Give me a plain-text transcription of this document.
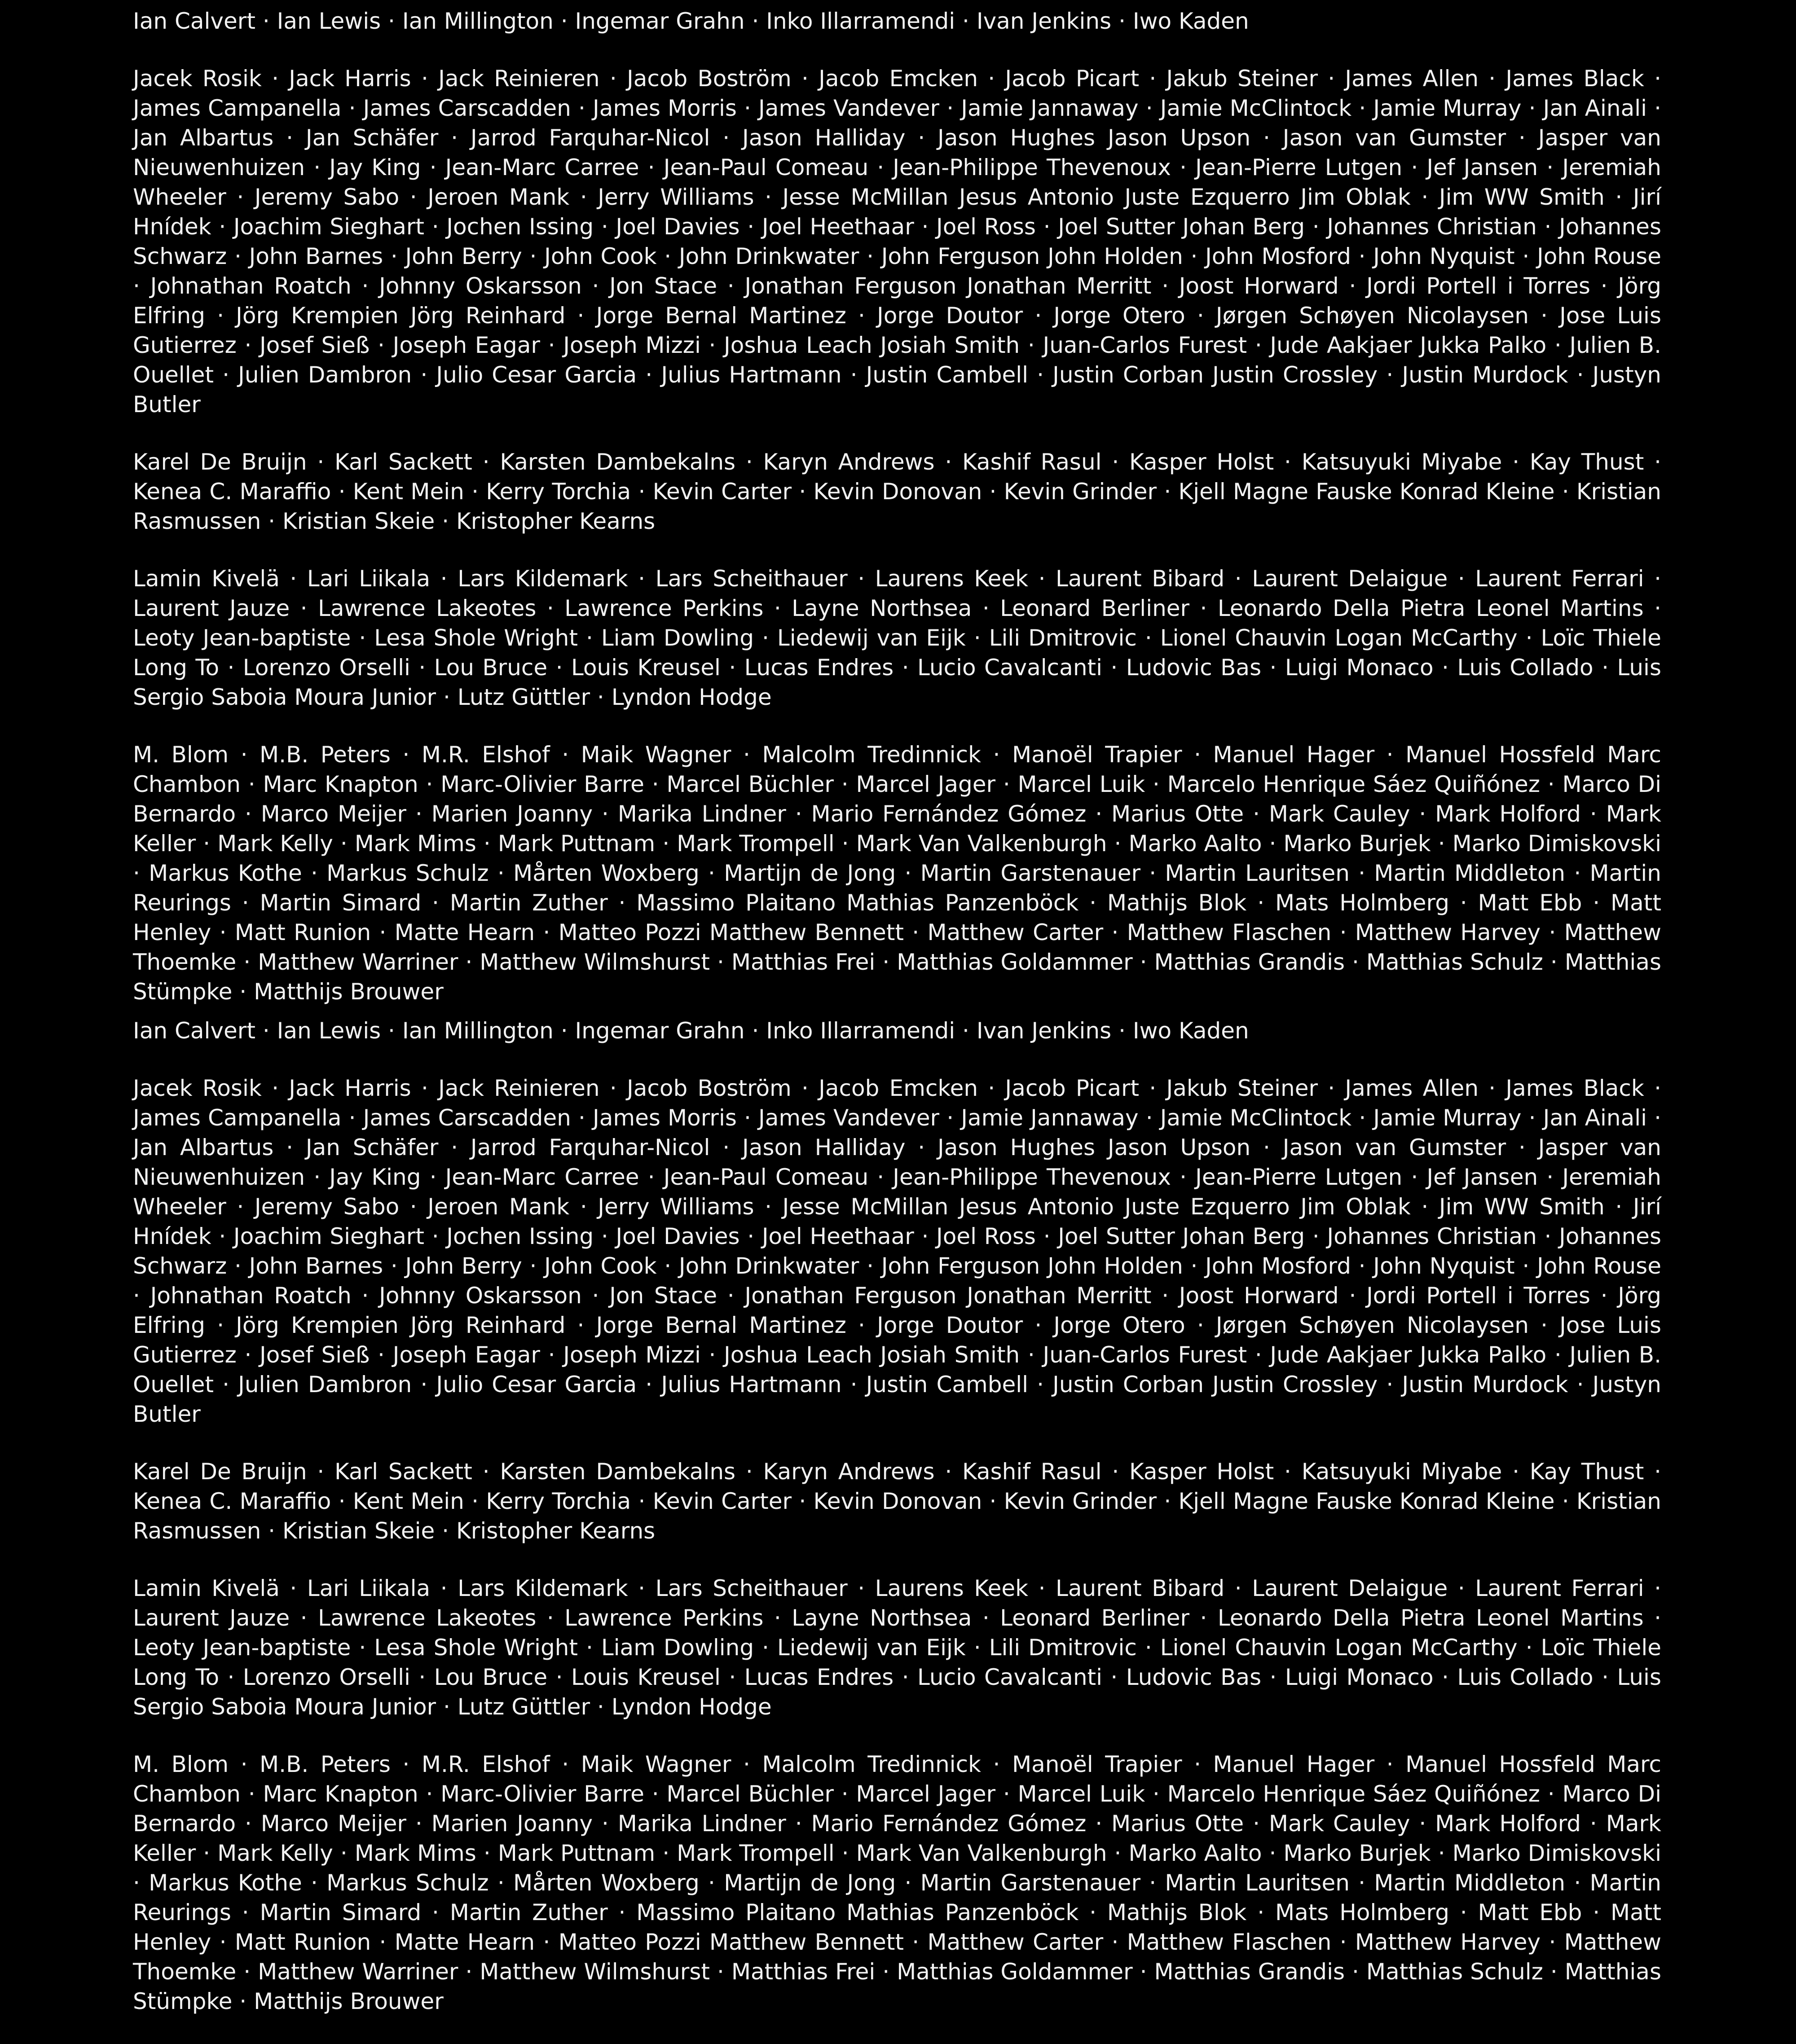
Ian Calvert · Ian Lewis · Ian Millington · Ingemar Grahn · Inko Illarramendi · Ivan Jenkins · Iwo Kaden

Jacek Rosik · Jack Harris · Jack Reinieren · Jacob Boström · Jacob Emcken · Jacob Picart · Jakub Steiner · James Allen · James Black · James Campanella · James Carscadden · James Morris · James Vandever · Jamie Jannaway · Jamie McClintock · Jamie Murray · Jan Ainali · Jan Albartus · Jan Schäfer · Jarrod Farquhar-Nicol · Jason Halliday · Jason Hughes Jason Upson · Jason van Gumster · Jasper van Nieuwenhuizen · Jay King · Jean-Marc Carree · Jean-Paul Comeau · Jean-Philippe Thevenoux · Jean-Pierre Lutgen · Jef Jansen · Jeremiah Wheeler · Jeremy Sabo · Jeroen Mank · Jerry Williams · Jesse McMillan Jesus Antonio Juste Ezquerro Jim Oblak · Jim WW Smith · Jirí Hnídek · Joachim Sieghart · Jochen Issing · Joel Davies · Joel Heethaar · Joel Ross · Joel Sutter Johan Berg · Johannes Christian · Johannes Schwarz · John Barnes · John Berry · John Cook · John Drinkwater · John Ferguson John Holden · John Mosford · John Nyquist · John Rouse · Johnathan Roatch · Johnny Oskarsson · Jon Stace · Jonathan Ferguson Jonathan Merritt · Joost Horward · Jordi Portell i Torres · Jörg Elfring · Jörg Krempien Jörg Reinhard · Jorge Bernal Martinez · Jorge Doutor · Jorge Otero · Jørgen Schøyen Nicolaysen · Jose Luis Gutierrez · Josef Sieß · Joseph Eagar · Joseph Mizzi · Joshua Leach Josiah Smith · Juan-Carlos Furest · Jude Aakjaer Jukka Palko · Julien B. Ouellet · Julien Dambron · Julio Cesar Garcia · Julius Hartmann · Justin Cambell · Justin Corban Justin Crossley · Justin Murdock · Justyn Butler

Karel De Bruijn · Karl Sackett · Karsten Dambekalns · Karyn Andrews · Kashif Rasul · Kasper Holst · Katsuyuki Miyabe · Kay Thust · Kenea C. Maraffio · Kent Mein · Kerry Torchia · Kevin Carter · Kevin Donovan · Kevin Grinder · Kjell Magne Fauske Konrad Kleine · Kristian Rasmussen · Kristian Skeie · Kristopher Kearns

Lamin Kivelä · Lari Liikala · Lars Kildemark · Lars Scheithauer · Laurens Keek · Laurent Bibard · Laurent Delaigue · Laurent Ferrari · Laurent Jauze · Lawrence Lakeotes · Lawrence Perkins · Layne Northsea · Leonard Berliner · Leonardo Della Pietra Leonel Martins · Leoty Jean-baptiste · Lesa Shole Wright · Liam Dowling · Liedewij van Eijk · Lili Dmitrovic · Lionel Chauvin Logan McCarthy · Loïc Thiele Long To · Lorenzo Orselli · Lou Bruce · Louis Kreusel · Lucas Endres · Lucio Cavalcanti · Ludovic Bas · Luigi Monaco · Luis Collado · Luis Sergio Saboia Moura Junior · Lutz Güttler · Lyndon Hodge

M. Blom · M.B. Peters · M.R. Elshof · Maik Wagner · Malcolm Tredinnick · Manoël Trapier · Manuel Hager · Manuel Hossfeld Marc Chambon · Marc Knapton · Marc-Olivier Barre · Marcel Büchler · Marcel Jager · Marcel Luik · Marcelo Henrique Sáez Quiñónez · Marco Di Bernardo · Marco Meijer · Marien Joanny · Marika Lindner · Mario Fernández Gómez · Marius Otte · Mark Cauley · Mark Holford · Mark Keller · Mark Kelly · Mark Mims · Mark Puttnam · Mark Trompell · Mark Van Valkenburgh · Marko Aalto · Marko Burjek · Marko Dimiskovski · Markus Kothe · Markus Schulz · Mårten Woxberg · Martijn de Jong · Martin Garstenauer · Martin Lauritsen · Martin Middleton · Martin Reurings · Martin Simard · Martin Zuther · Massimo Plaitano Mathias Panzenböck · Mathijs Blok · Mats Holmberg · Matt Ebb · Matt Henley · Matt Runion · Matte Hearn · Matteo Pozzi Matthew Bennett · Matthew Carter · Matthew Flaschen · Matthew Harvey · Matthew Thoemke · Matthew Warriner · Matthew Wilmshurst · Matthias Frei · Matthias Goldammer · Matthias Grandis · Matthias Schulz · Matthias Stümpke · Matthijs Brouwer

Ian Calvert · Ian Lewis · Ian Millington · Ingemar Grahn · Inko Illarramendi · Ivan Jenkins · Iwo Kaden

Jacek Rosik · Jack Harris · Jack Reinieren · Jacob Boström · Jacob Emcken · Jacob Picart · Jakub Steiner · James Allen · James Black · James Campanella · James Carscadden · James Morris · James Vandever · Jamie Jannaway · Jamie McClintock · Jamie Murray · Jan Ainali · Jan Albartus · Jan Schäfer · Jarrod Farquhar-Nicol · Jason Halliday · Jason Hughes Jason Upson · Jason van Gumster · Jasper van Nieuwenhuizen · Jay King · Jean-Marc Carree · Jean-Paul Comeau · Jean-Philippe Thevenoux · Jean-Pierre Lutgen · Jef Jansen · Jeremiah Wheeler · Jeremy Sabo · Jeroen Mank · Jerry Williams · Jesse McMillan Jesus Antonio Juste Ezquerro Jim Oblak · Jim WW Smith · Jirí Hnídek · Joachim Sieghart · Jochen Issing · Joel Davies · Joel Heethaar · Joel Ross · Joel Sutter Johan Berg · Johannes Christian · Johannes Schwarz · John Barnes · John Berry · John Cook · John Drinkwater · John Ferguson John Holden · John Mosford · John Nyquist · John Rouse · Johnathan Roatch · Johnny Oskarsson · Jon Stace · Jonathan Ferguson Jonathan Merritt · Joost Horward · Jordi Portell i Torres · Jörg Elfring · Jörg Krempien Jörg Reinhard · Jorge Bernal Martinez · Jorge Doutor · Jorge Otero · Jørgen Schøyen Nicolaysen · Jose Luis Gutierrez · Josef Sieß · Joseph Eagar · Joseph Mizzi · Joshua Leach Josiah Smith · Juan-Carlos Furest · Jude Aakjaer Jukka Palko · Julien B. Ouellet · Julien Dambron · Julio Cesar Garcia · Julius Hartmann · Justin Cambell · Justin Corban Justin Crossley · Justin Murdock · Justyn Butler

Karel De Bruijn · Karl Sackett · Karsten Dambekalns · Karyn Andrews · Kashif Rasul · Kasper Holst · Katsuyuki Miyabe · Kay Thust · Kenea C. Maraffio · Kent Mein · Kerry Torchia · Kevin Carter · Kevin Donovan · Kevin Grinder · Kjell Magne Fauske Konrad Kleine · Kristian Rasmussen · Kristian Skeie · Kristopher Kearns

Lamin Kivelä · Lari Liikala · Lars Kildemark · Lars Scheithauer · Laurens Keek · Laurent Bibard · Laurent Delaigue · Laurent Ferrari · Laurent Jauze · Lawrence Lakeotes · Lawrence Perkins · Layne Northsea · Leonard Berliner · Leonardo Della Pietra Leonel Martins · Leoty Jean-baptiste · Lesa Shole Wright · Liam Dowling · Liedewij van Eijk · Lili Dmitrovic · Lionel Chauvin Logan McCarthy · Loïc Thiele Long To · Lorenzo Orselli · Lou Bruce · Louis Kreusel · Lucas Endres · Lucio Cavalcanti · Ludovic Bas · Luigi Monaco · Luis Collado · Luis Sergio Saboia Moura Junior · Lutz Güttler · Lyndon Hodge

M. Blom · M.B. Peters · M.R. Elshof · Maik Wagner · Malcolm Tredinnick · Manoël Trapier · Manuel Hager · Manuel Hossfeld Marc Chambon · Marc Knapton · Marc-Olivier Barre · Marcel Büchler · Marcel Jager · Marcel Luik · Marcelo Henrique Sáez Quiñónez · Marco Di Bernardo · Marco Meijer · Marien Joanny · Marika Lindner · Mario Fernández Gómez · Marius Otte · Mark Cauley · Mark Holford · Mark Keller · Mark Kelly · Mark Mims · Mark Puttnam · Mark Trompell · Mark Van Valkenburgh · Marko Aalto · Marko Burjek · Marko Dimiskovski · Markus Kothe · Markus Schulz · Mårten Woxberg · Martijn de Jong · Martin Garstenauer · Martin Lauritsen · Martin Middleton · Martin Reurings · Martin Simard · Martin Zuther · Massimo Plaitano Mathias Panzenböck · Mathijs Blok · Mats Holmberg · Matt Ebb · Matt Henley · Matt Runion · Matte Hearn · Matteo Pozzi Matthew Bennett · Matthew Carter · Matthew Flaschen · Matthew Harvey · Matthew Thoemke · Matthew Warriner · Matthew Wilmshurst · Matthias Frei · Matthias Goldammer · Matthias Grandis · Matthias Schulz · Matthias Stümpke · Matthijs Brouwer
